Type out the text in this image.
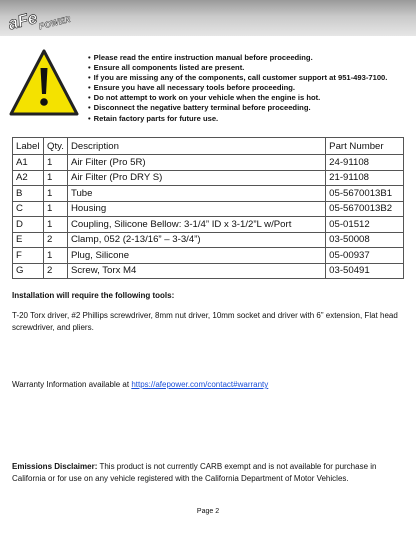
aFe
POWER
• Please read the entire instruction manual before proceeding.
• Ensure all components listed are present.
• If you are missing any of the components, call customer support at 951-493-7100.
• Ensure you have all necessary tools before proceeding.
• Do not attempt to work on your vehicle when the engine is hot.
• Disconnect the negative battery terminal before proceeding.
• Retain factory parts for future use.
Label	Qty.	Description	Part Number
A1	1	Air Filter (Pro 5R)	24-91108
A2	1	Air Filter (Pro DRY S)	21-91108
B	1	Tube	05-5670013B1
C	1	Housing	05-5670013B2
D	1	Coupling, Silicone Bellow: 3-1/4” ID x 3-1/2”L w/Port	05-01512
E	2	Clamp, 052 (2-13/16” – 3-3/4”)	03-50008
F	1	Plug, Silicone	05-00937
G	2	Screw, Torx M4	03-50491
Installation will require the following tools:

T-20 Torx driver, #2 Phillips screwdriver, 8mm nut driver, 10mm socket and driver with 6” extension, Flat head screwdriver, and pliers.

Warranty Information available at https://afepower.com/contact#warranty

Emissions Disclaimer: This product is not currently CARB exempt and is not available for purchase in California or for use on any vehicle registered with the California Department of Motor Vehicles.

Page 2
